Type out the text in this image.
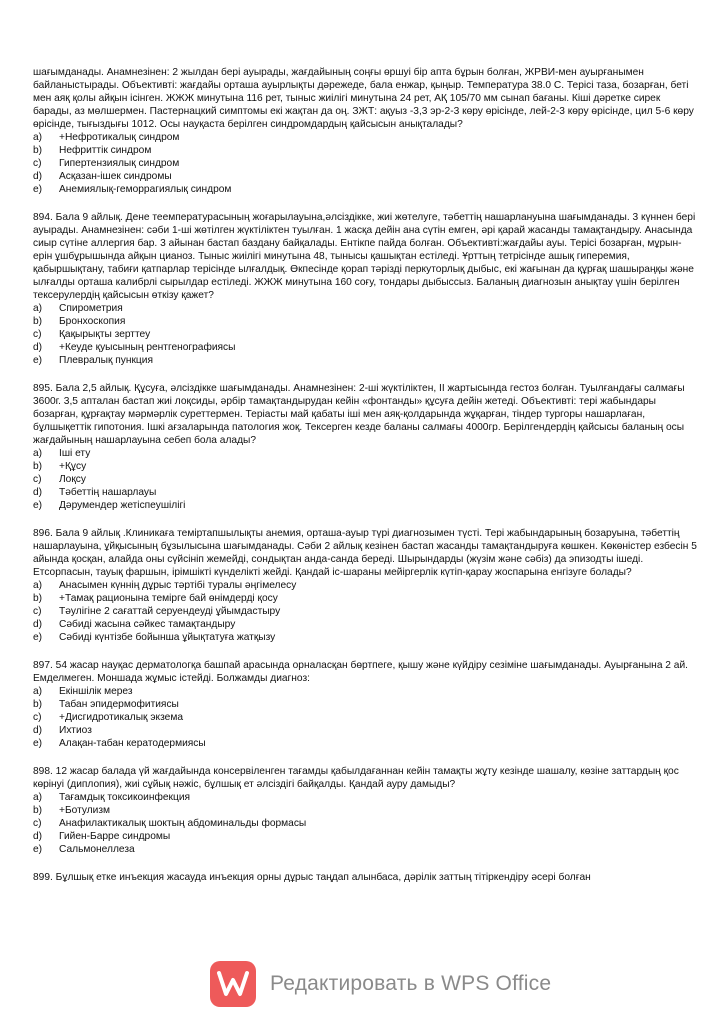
шағымданады. Анамнезінен: 2 жылдан бері ауырады, жағдайының соңғы өршуі бір апта бұрын болған, ЖРВИ-мен ауырғанымен байланыстырады. Объективті: жағдайы орташа ауырлықты дәрежеде, бала енжар, қыңыр. Температура 38.0 С. Терісі таза, бозарған, беті мен аяқ қолы айқын ісінген. ЖЖЖ минутына 116 рет, тыныс жиілігі минутына 24 рет, АҚ 105/70 мм сынап бағаны. Кіші дәретке сирек барады, аз мөлшермен. Пастернацкий симптомы екі жақтан да оң. ЗЖТ: ақуыз -3,3 эр-2-3 көру өрісінде, лей-2-3 көру өрісінде, цил 5-6 көру өрісінде, тығыздығы 1012. Осы науқаста берілген синдромдардың қайсысын анықталады?

a)	+Нефротикалық синдром
b)	Нефриттік синдром
c)	Гипертензиялық синдром
d)	Асқазан-ішек синдромы
e)	Анемиялық-геморрагиялық синдром

894. Бала 9 айлық. Дене теемпературасының жоғарылауына,әлсіздікке, жиі жөтелуге, тәбеттің нашарлануына шағымданады. 3 күннен бері ауырады. Анамнезінен: сәби 1-ші жөтілген жүктіліктен туылған. 1 жасқа дейін ана сүтін емген, әрі қарай жасанды тамақтандыру. Анасында сиыр сүтіне аллергия бар. 3 айынан бастап баздану байқалады. Ентікпе пайда болған. Объективті:жағдайы ауы. Терісі бозарған, мұрын-ерін ұшбұрышында айқын цианоз. Тыныс жиілігі минутына 48, тынысы қашықтан естіледі. Ұрттың тетрісінде ашық гиперемия, қабыршықтану, табиғи қатпарлар терісінде ылғалдық. Өкпесінде қорап тәрізді перкуторлық дыбыс, екі жағынан да құрғақ шашыраңқы және ылғалды орташа калибрлі сырылдар естіледі. ЖЖЖ минутына 160 соғу, тондары дыбыссыз. Баланың диагнозын анықтау үшін берілген тексерулердің қайсысын өткізу қажет?

a)	Спирометрия
b)	Бронхоскопия
c)	Қақырықты зерттеу
d)	+Кеуде қуысының рентгенографиясы
e)	Плевралық пункция

895. Бала 2,5 айлық. Құсуға, әлсіздікке шағымданады. Анамнезінен: 2-ші жүктіліктен, ІІ жартысында гестоз болған. Туылғандағы салмағы 3600г. 3,5 апталан бастап жиі лоқсиды, әрбір тамақтандырудан кейін «фонтанды» құсуға дейін жетеді. Объективті: тері жабындары бозарған, құрғақтау мәрмәрлік суреттермен. Теріасты май қабаты іші мен аяқ-қолдарында жұқарған, тіндер тургоры нашарлаған, бұлшықеттік гипотония. Ішкі ағзаларында патология жоқ. Тексерген кезде баланы салмағы 4000гр. Берілгендердің қайсысы баланың осы жағдайының нашарлауына себеп бола алады?

a)	Іші ету
b)	+Құсу
c)	Лоқсу
d)	Тәбеттің нашарлауы
e)	Дәрумендер жетіспеушілігі

896. Бала 9 айлық .Клиникаға теміртапшылықты анемия, орташа-ауыр түрі диагнозымен түсті. Тері жабындарының бозаруына, тәбеттің нашарлауына, ұйқысының бұзылысына шағымданады. Сәби 2 айлық кезінен бастап жасанды тамақтандыруға көшкен. Көкөністер езбесін 5 айында қосқан, алайда оны сүйсініп жемейді, сондықтан анда-санда береді. Шырындарды (жүзім және сәбіз) да эпизодты ішеді. Етсорпасын, тауық фаршын, ірімшікті күнделікті жейді. Қандай іс-шараны мейіргерлік күтіп-қарау жоспарына енгізуге болады?

a)	Анасымен күннің дұрыс тәртібі туралы әңгімелесу
b)	+Тамақ рационына темірге бай өнімдерді қосу
c)	Тәулігіне 2 сағаттай серуендеуді ұйымдастыру
d)	Сәбиді жасына сәйкес тамақтандыру
e)	Сәбиді күнтізбе бойынша ұйықтатуға жатқызу

897. 54 жасар науқас дерматологқа башпай арасында орналасқан бөртпеге, қышу және күйдіру сезіміне шағымданады. Ауырғанына 2 ай. Емделмеген. Моншада жұмыс істейді. Болжамды диагноз:

a)	Екіншілік мерез
b)	Табан эпидермофитиясы
c)	+Дисгидротикалық экзема
d)	Ихтиоз
e)	Алақан-табан кератодермиясы

898. 12 жасар балада үй жағдайында консервіленген тағамды қабылдағаннан кейін тамақты жұту кезінде шашалу, көзіне заттардың қос көрінуі (диплопия), жиі сұйық нәжіс, бұлшық ет әлсіздігі байқалды. Қандай ауру дамыды?

a)	Тағамдық токсикоинфекция
b)	+Ботулизм
c)	Анафилактикалық шоктың абдоминальды формасы
d)	Гийен-Барре синдромы
e)	Сальмонеллеза

899. Бұлшық етке инъекция жасауда инъекция орны дұрыс таңдап алынбаса, дәрілік заттың тітіркендіру әсері болған

Редактировать в WPS Office
